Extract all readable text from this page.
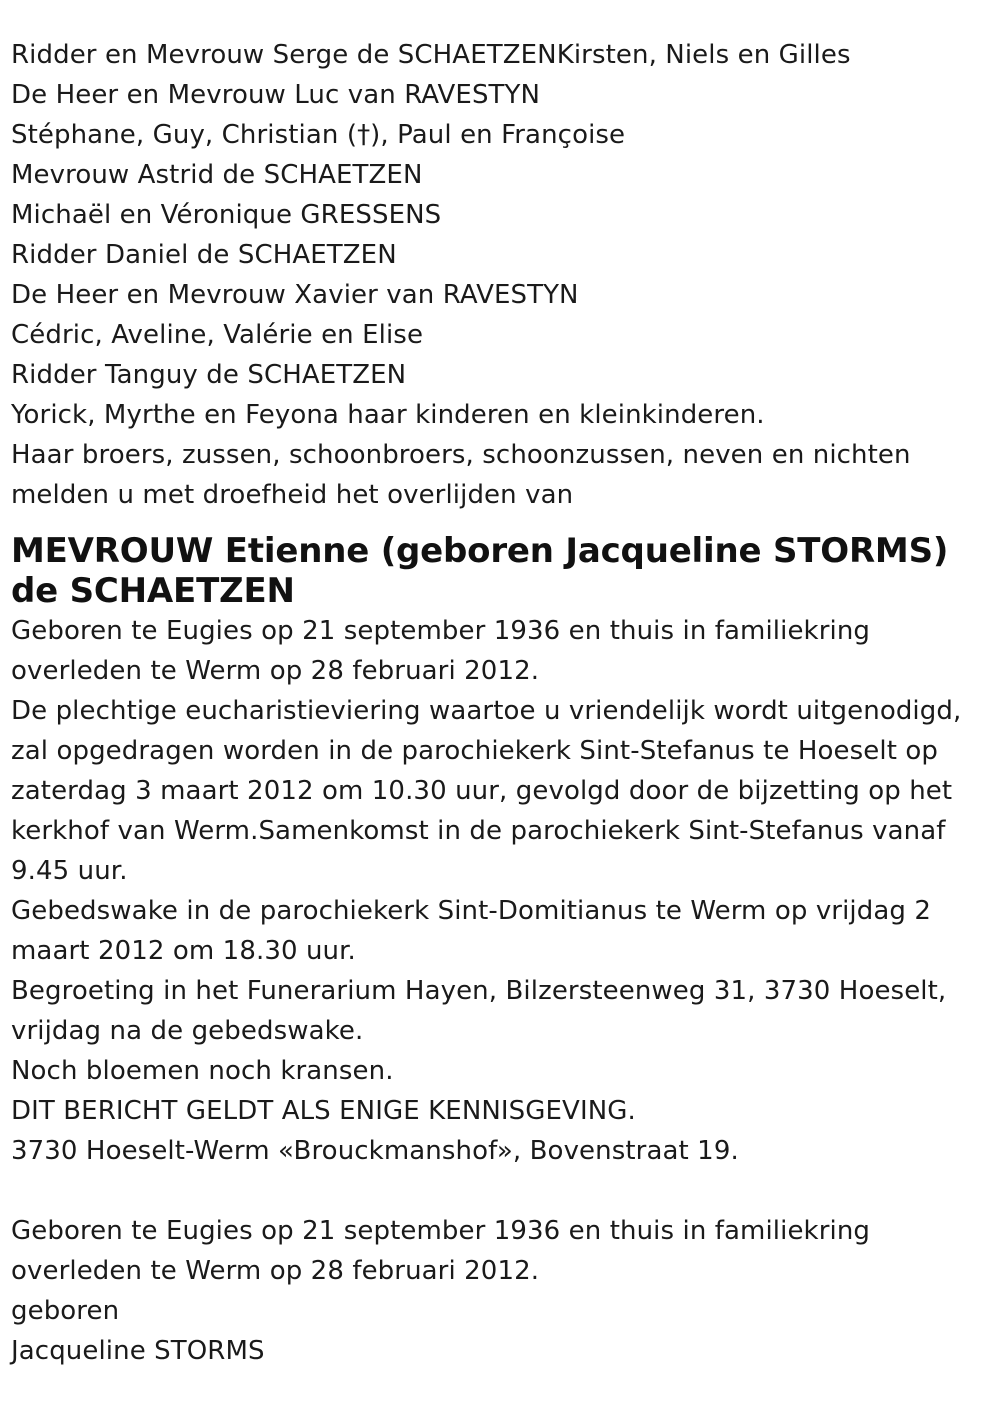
Ridder en Mevrouw Serge de SCHAETZENKirsten, Niels en Gilles
De Heer en Mevrouw Luc van RAVESTYN
Stéphane, Guy, Christian (†), Paul en Françoise
Mevrouw Astrid de SCHAETZEN
Michaël en Véronique GRESSENS
Ridder Daniel de SCHAETZEN
De Heer en Mevrouw Xavier van RAVESTYN
Cédric, Aveline, Valérie en Elise
Ridder Tanguy de SCHAETZEN
Yorick, Myrthe en Feyona haar kinderen en kleinkinderen.
Haar broers, zussen, schoonbroers, schoonzussen, neven en nichten
melden u met droefheid het overlijden van
MEVROUW Etienne (geboren Jacqueline STORMS)
de SCHAETZEN
Geboren te Eugies op 21 september 1936 en thuis in familiekring
overleden te Werm op 28 februari 2012.
De plechtige eucharistieviering waartoe u vriendelijk wordt uitgenodigd,
zal opgedragen worden in de parochiekerk Sint-Stefanus te Hoeselt op
zaterdag 3 maart 2012 om 10.30 uur, gevolgd door de bijzetting op het
kerkhof van Werm.Samenkomst in de parochiekerk Sint-Stefanus vanaf
9.45 uur.
Gebedswake in de parochiekerk Sint-Domitianus te Werm op vrijdag 2
maart 2012 om 18.30 uur.
Begroeting in het Funerarium Hayen, Bilzersteenweg 31, 3730 Hoeselt,
vrijdag na de gebedswake.
Noch bloemen noch kransen.
DIT BERICHT GELDT ALS ENIGE KENNISGEVING.
3730 Hoeselt-Werm «Brouckmanshof», Bovenstraat 19.
Geboren te Eugies op 21 september 1936 en thuis in familiekring
overleden te Werm op 28 februari 2012.
geboren
Jacqueline STORMS
